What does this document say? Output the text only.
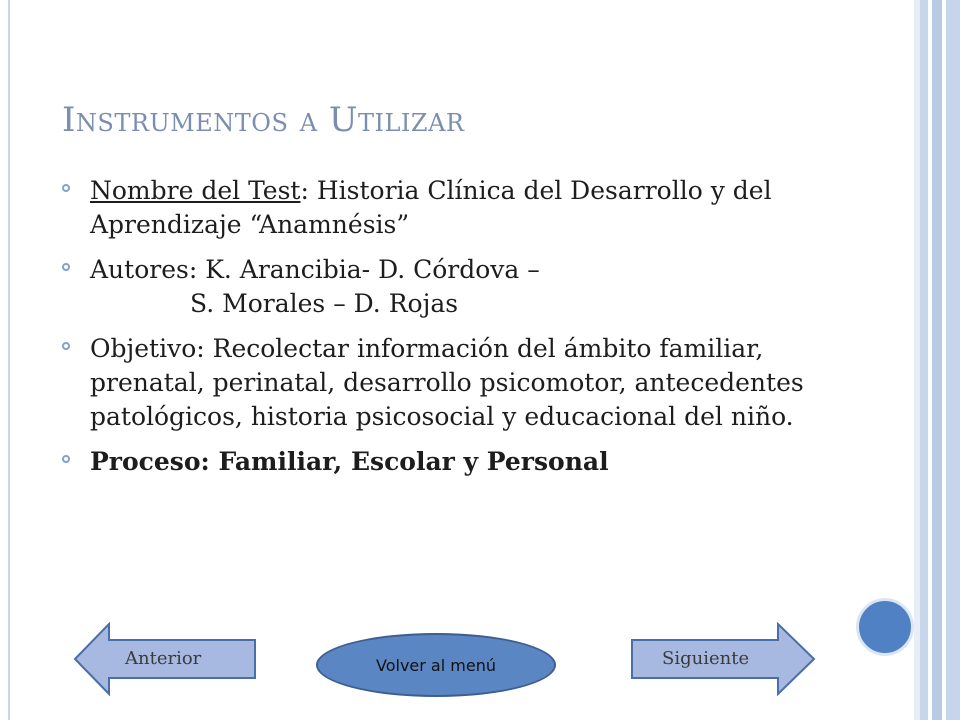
Instrumentos a Utilizar
Nombre del Test: Historia Clínica del Desarrollo y del Aprendizaje “Anamnésis”
Autores: K. Arancibia- D. Córdova –
S. Morales – D. Rojas
Objetivo: Recolectar información del ámbito familiar, prenatal, perinatal, desarrollo psicomotor, antecedentes patológicos, historia psicosocial y educacional del niño.
Proceso: Familiar, Escolar y Personal
Anterior	Volver al menú	Siguiente
